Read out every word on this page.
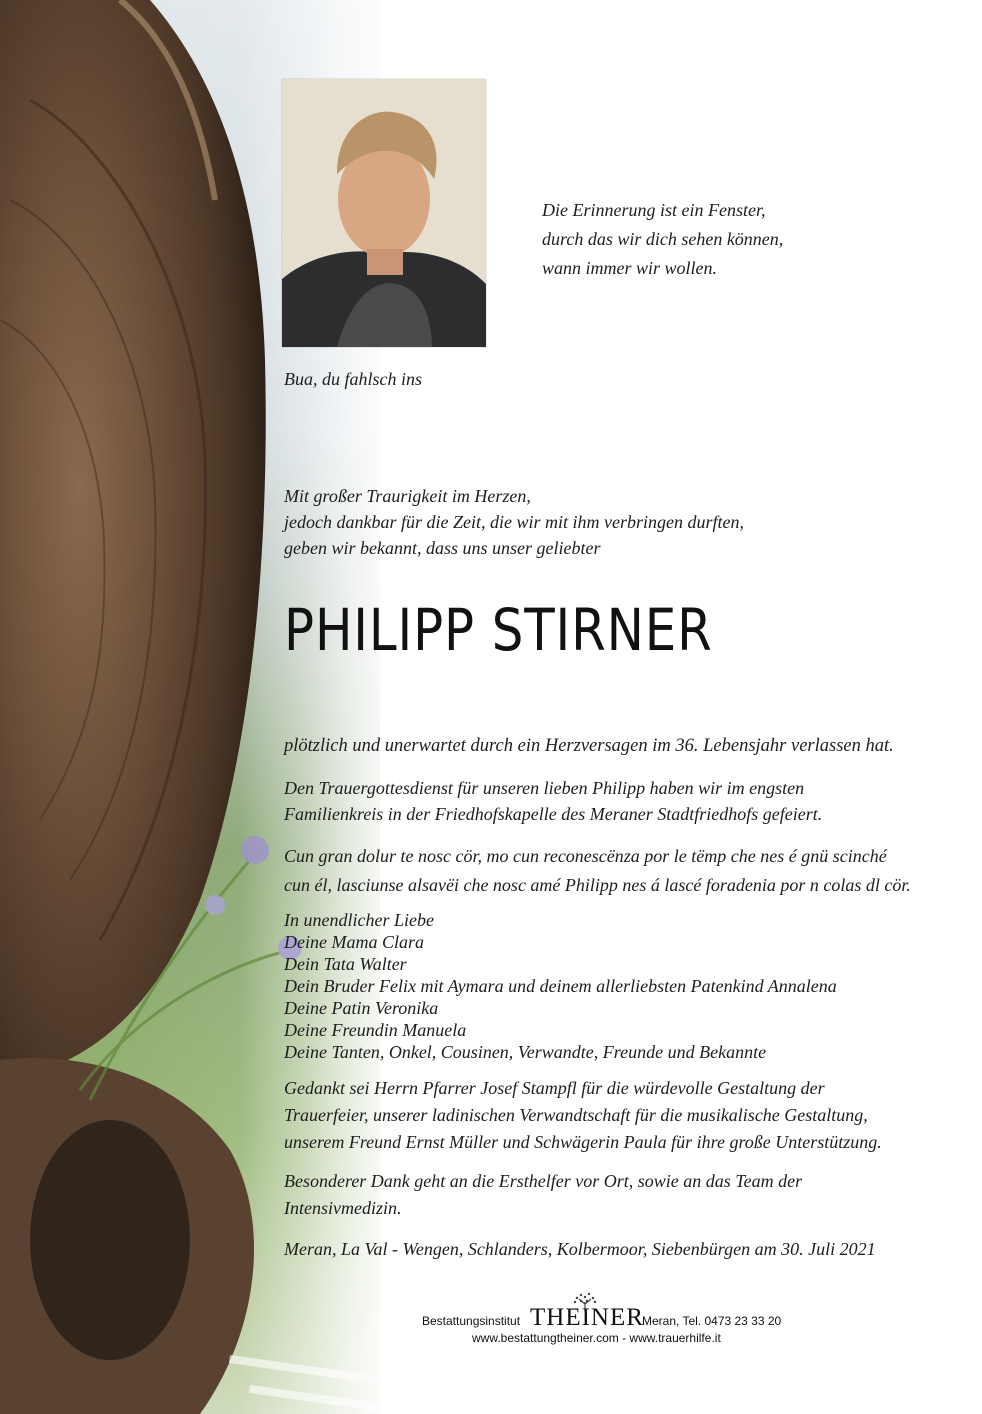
Die Erinnerung ist ein Fenster,
durch das wir dich sehen können,
wann immer wir wollen.
Bua, du fahlsch ins
Mit großer Traurigkeit im Herzen,
jedoch dankbar für die Zeit, die wir mit ihm verbringen durften,
geben wir bekannt, dass uns unser geliebter
PHILIPP STIRNER
plötzlich und unerwartet durch ein Herzversagen im 36. Lebensjahr verlassen hat.
Den Trauergottesdienst für unseren lieben Philipp haben wir im engsten
Familienkreis in der Friedhofskapelle des Meraner Stadtfriedhofs gefeiert.
Cun gran dolur te nosc cör, mo cun reconescënza por le tëmp che nes é gnü scinché
cun él, lasciunse alsavëi che nosc amé Philipp nes á lascé foradenia por n colas dl cör.
In unendlicher Liebe
Deine Mama Clara
Dein Tata Walter
Dein Bruder Felix mit Aymara und deinem allerliebsten Patenkind Annalena
Deine Patin Veronika
Deine Freundin Manuela
Deine Tanten, Onkel, Cousinen, Verwandte, Freunde und Bekannte
Gedankt sei Herrn Pfarrer Josef Stampfl für die würdevolle Gestaltung der
Trauerfeier, unserer ladinischen Verwandtschaft für die musikalische Gestaltung,
unserem Freund Ernst Müller und Schwägerin Paula für ihre große Unterstützung.
Besonderer Dank geht an die Ersthelfer vor Ort, sowie an das Team der
Intensivmedizin.
Meran, La Val - Wengen, Schlanders, Kolbermoor, Siebenbürgen am 30. Juli 2021
Bestattungsinstitut THEINER
Meran, Tel. 0473 23 33 20
www.bestattungtheiner.com - www.trauerhilfe.it
